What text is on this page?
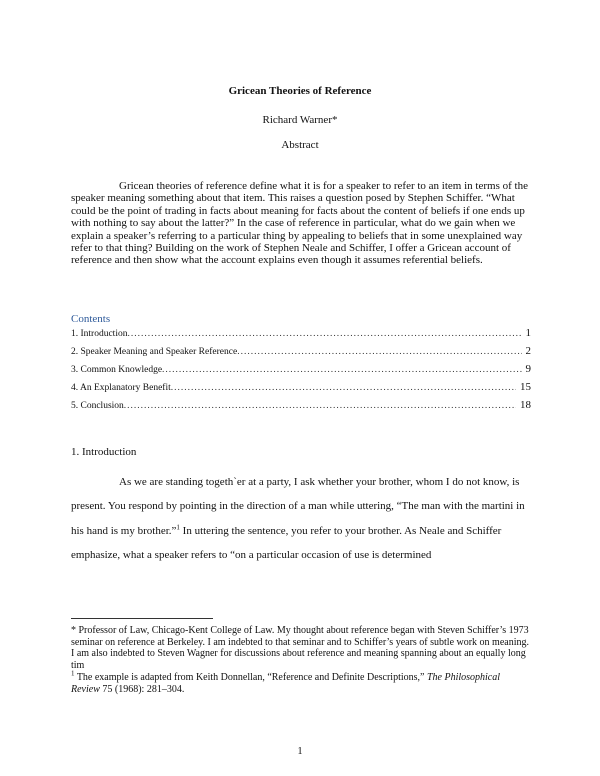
Gricean Theories of Reference
Richard Warner*
Abstract

Gricean theories of reference define what it is for a speaker to refer to an item in terms of the speaker meaning something about that item. This raises a question posed by Stephen Schiffer. “What could be the point of trading in facts about meaning for facts about the content of beliefs if one ends up with nothing to say about the latter?” In the case of reference in particular, what do we gain when we explain a speaker’s referring to a particular thing by appealing to beliefs that in some unexplained way refer to that thing? Building on the work of Stephen Neale and Schiffer, I offer a Gricean account of reference and then show what the account explains even though it assumes referential beliefs.

Contents
1. Introduction .....	1
2. Speaker Meaning and Speaker Reference .....	2
3. Common Knowledge .....	9
4. An Explanatory Benefit .....	15
5. Conclusion .....	18
1. Introduction

As we are standing togeth`er at a party, I ask whether your brother, whom I do not know, is present. You respond by pointing in the direction of a man while uttering, “The man with the martini in his hand is my brother.”$^1$ In uttering the sentence, you refer to your brother. As Neale and Schiffer emphasize, what a speaker refers to “on a particular occasion of use is determined

* Professor of Law, Chicago-Kent College of Law. My thought about reference began with Steven Schiffer’s 1973 seminar on reference at Berkeley. I am indebted to that seminar and to Schiffer’s years of subtle work on meaning. I am also indebted to Steven Wagner for discussions about reference and meaning spanning about an equally long tim

$^1$ The example is adapted from Keith Donnellan, “Reference and Definite Descriptions,” The Philosophical Review 75 (1968): 281–304.

1
